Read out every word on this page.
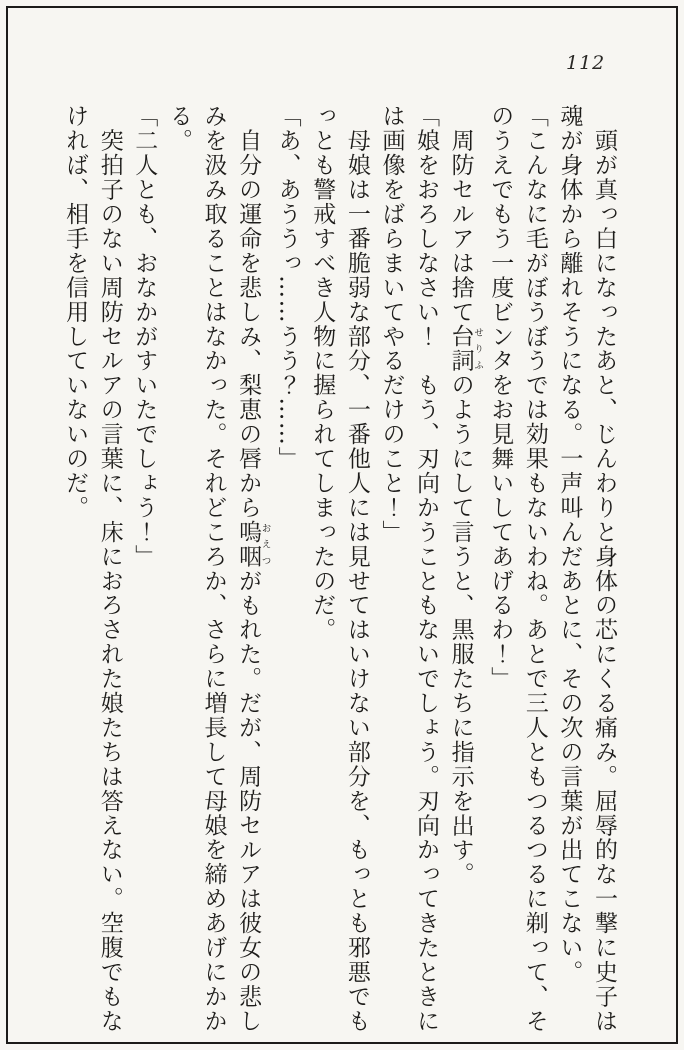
112
　頭が真っ白になったあと、じんわりと身体の芯にくる痛み。屈辱的な一撃に史子は
魂が身体から離れそうになる。一声叫んだあとに、その次の言葉が出てこない。
「こんなに毛がぼうぼうでは効果もないわね。あとで三人ともつるつるに剃って、そ
のうえでもう一度ビンタをお見舞いしてあげるわ！」
　周防セルアは捨て台詞せりふのようにして言うと、黒服たちに指示を出す。
「娘をおろしなさい！　もう、刃向かうこともないでしょう。刃向かってきたときに
は画像をばらまいてやるだけのこと！」
　母娘は一番脆弱な部分、一番他人には見せてはいけない部分を、もっとも邪悪でも
っとも警戒すべき人物に握られてしまったのだ。
「あ、あううっ……うう？……」
　自分の運命を悲しみ、梨恵の唇から嗚咽おえつがもれた。だが、周防セルアは彼女の悲し
みを汲み取ることはなかった。それどころか、さらに増長して母娘を締めあげにかか
る。
「二人とも、おなかがすいたでしょう！」
　突拍子のない周防セルアの言葉に、床におろされた娘たちは答えない。空腹でもな
ければ、相手を信用していないのだ。
